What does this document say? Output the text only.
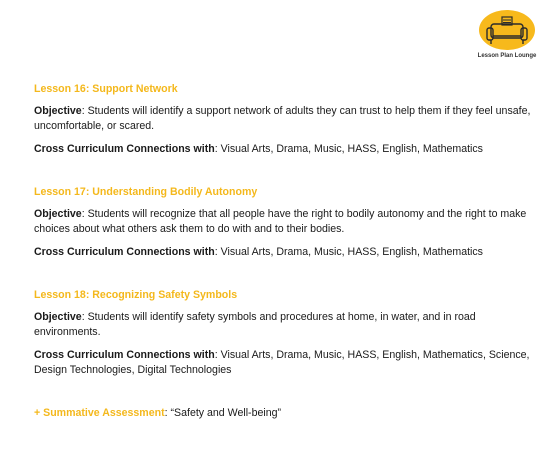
Lesson Plan Lounge
Lesson 16: Support Network
Objective: Students will identify a support network of adults they can trust to help them if they feel unsafe, uncomfortable, or scared.
Cross Curriculum Connections with: Visual Arts, Drama, Music, HASS, English, Mathematics
Lesson 17: Understanding Bodily Autonomy
Objective: Students will recognize that all people have the right to bodily autonomy and the right to make choices about what others ask them to do with and to their bodies.
Cross Curriculum Connections with: Visual Arts, Drama, Music, HASS, English, Mathematics
Lesson 18: Recognizing Safety Symbols
Objective: Students will identify safety symbols and procedures at home, in water, and in road environments.
Cross Curriculum Connections with: Visual Arts, Drama, Music, HASS, English, Mathematics, Science, Design Technologies, Digital Technologies
+ Summative Assessment: “Safety and Well-being”
